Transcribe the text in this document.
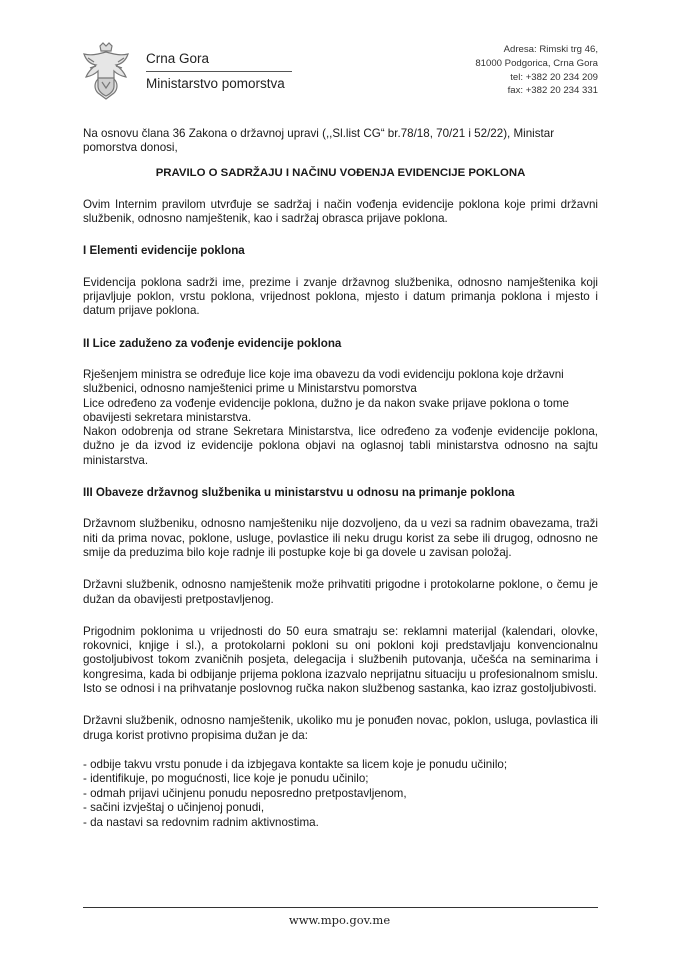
Crna Gora
Ministarstvo pomorstva
Adresa: Rimski trg 46,
81000 Podgorica, Crna Gora
tel: +382 20 234 209
fax: +382 20 234 331

Na osnovu člana 36 Zakona o državnoj upravi (,,Sl.list CG“ br.78/18, 70/21 i 52/22), Ministar pomorstva donosi,

PRAVILO O SADRŽAJU I NAČINU VOĐENJA EVIDENCIJE POKLONA

Ovim Internim pravilom utvrđuje se sadržaj i način vođenja evidencije poklona koje primi državni službenik, odnosno namještenik, kao i sadržaj obrasca prijave poklona.

I Elementi evidencije poklona

Evidencija poklona sadrži ime, prezime i zvanje državnog službenika, odnosno namještenika koji prijavljuje poklon, vrstu poklona, vrijednost poklona, mjesto i datum primanja poklona i mjesto i datum prijave poklona.

II Lice zaduženo za vođenje evidencije poklona

Rješenjem ministra se određuje lice koje ima obavezu da vodi evidenciju poklona koje državni službenici, odnosno namještenici prime u Ministarstvu pomorstva

Lice određeno za vođenje evidencije poklona, dužno je da nakon svake prijave poklona o tome obavijesti sekretara ministarstva.

Nakon odobrenja od strane Sekretara Ministarstva, lice određeno za vođenje evidencije poklona, dužno je da izvod iz evidencije poklona objavi na oglasnoj tabli ministarstva odnosno na sajtu ministarstva.

III Obaveze državnog službenika u ministarstvu u odnosu na primanje poklona

Državnom službeniku, odnosno namješteniku nije dozvoljeno, da u vezi sa radnim obavezama, traži niti da prima novac, poklone, usluge, povlastice ili neku drugu korist za sebe ili drugog, odnosno ne smije da preduzima bilo koje radnje ili postupke koje bi ga dovele u zavisan položaj.

Državni službenik, odnosno namještenik može prihvatiti prigodne i protokolarne poklone, o čemu je dužan da obavijesti pretpostavljenog.

Prigodnim poklonima u vrijednosti do 50 eura smatraju se: reklamni materijal (kalendari, olovke, rokovnici, knjige i sl.), a protokolarni pokloni su oni pokloni koji predstavljaju konvencionalnu gostoljubivost tokom zvaničnih posjeta, delegacija i službenih putovanja, učešća na seminarima i kongresima, kada bi odbijanje prijema poklona izazvalo neprijatnu situaciju u profesionalnom smislu. Isto se odnosi i na prihvatanje poslovnog ručka nakon službenog sastanka, kao izraz gostoljubivosti.

Državni službenik, odnosno namještenik, ukoliko mu je ponuđen novac, poklon, usluga, povlastica ili druga korist protivno propisima dužan je da:

- odbije takvu vrstu ponude i da izbjegava kontakte sa licem koje je ponudu učinilo;
- identifikuje, po mogućnosti, lice koje je ponudu učinilo;
- odmah prijavi učinjenu ponudu neposredno pretpostavljenom,
- sačini izvještaj o učinjenoj ponudi,
- da nastavi sa redovnim radnim aktivnostima.
www.mpo.gov.me
